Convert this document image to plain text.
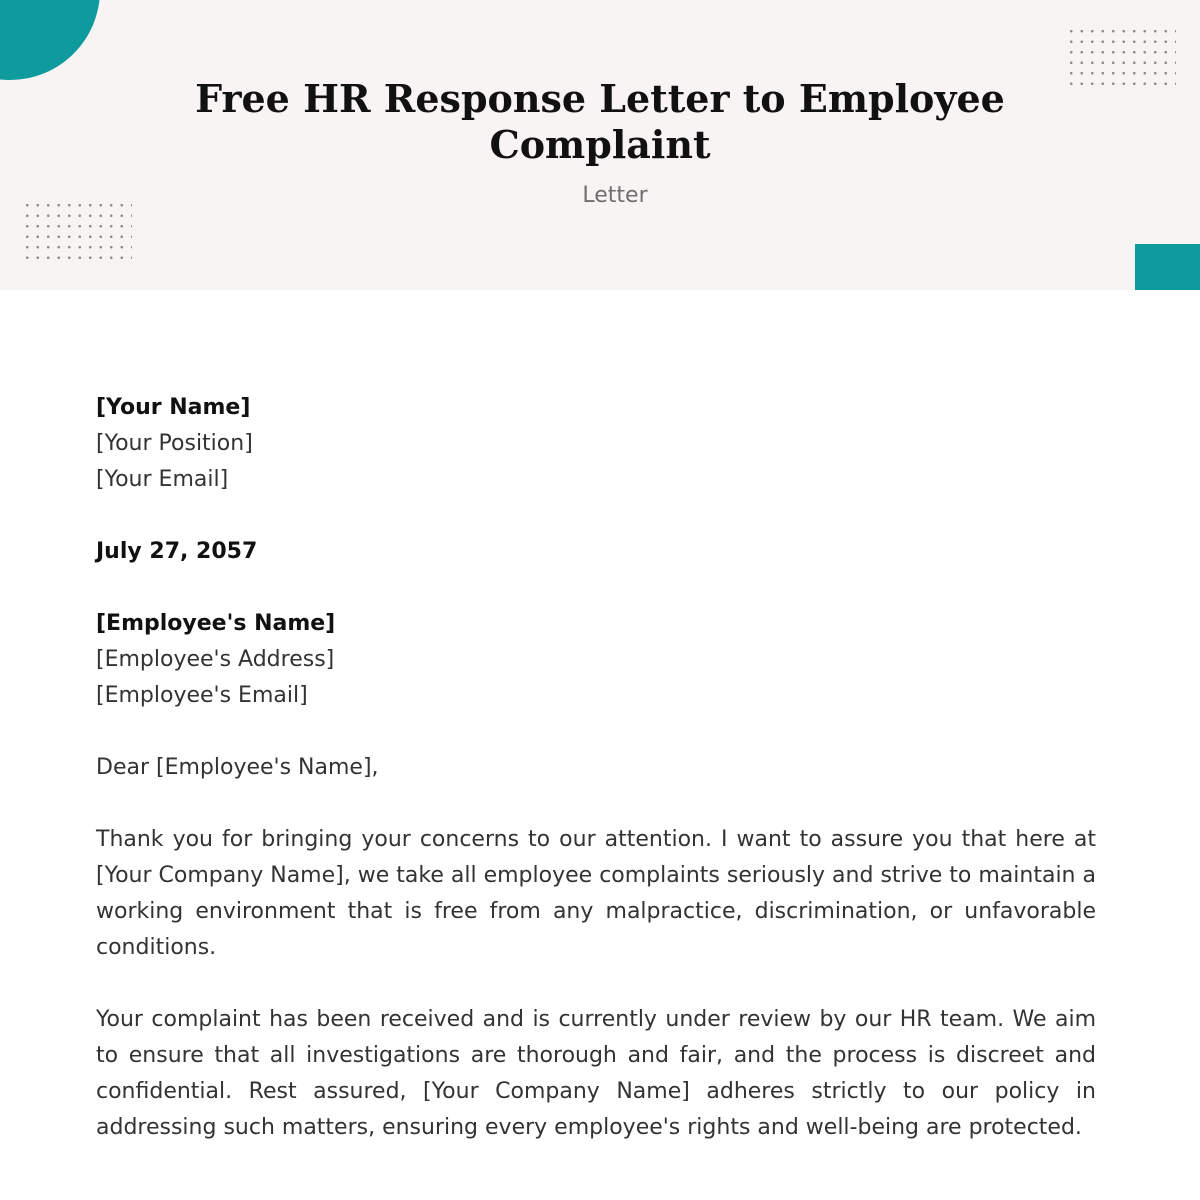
Free HR Response Letter to Employee Complaint
Letter

[Your Name]

[Your Position]

[Your Email]

July 27, 2057

[Employee's Name]

[Employee's Address]

[Employee's Email]

Dear [Employee's Name],

Thank you for bringing your concerns to our attention. I want to assure you that here at [Your Company Name], we take all employee complaints seriously and strive to maintain a working environment that is free from any malpractice, discrimination, or unfavorable conditions.

Your complaint has been received and is currently under review by our HR team. We aim to ensure that all investigations are thorough and fair, and the process is discreet and confidential. Rest assured, [Your Company Name] adheres strictly to our policy in addressing such matters, ensuring every employee's rights and well-being are protected.
